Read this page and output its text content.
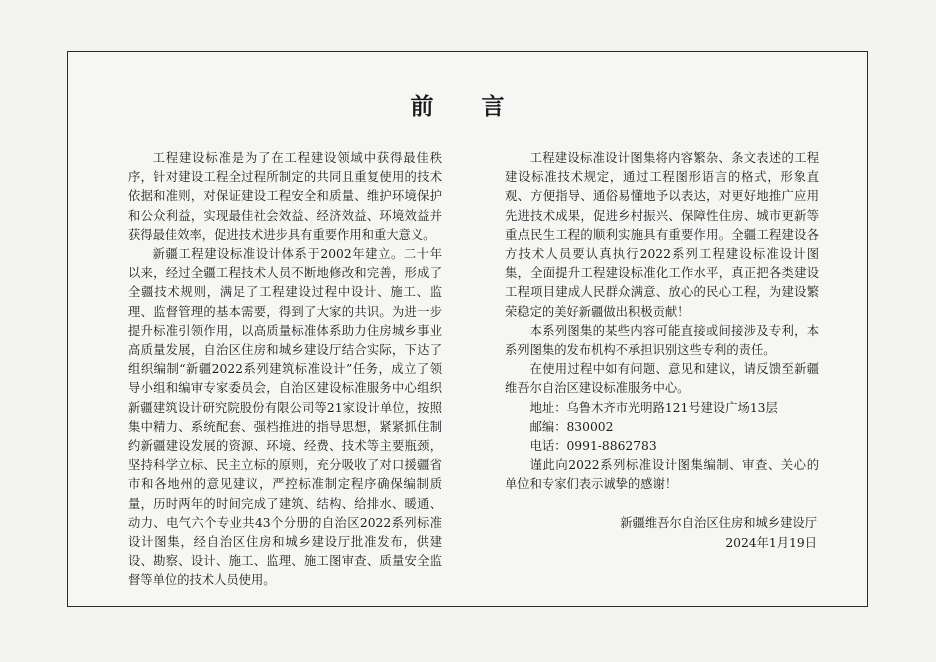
前 言

工程建设标准是为了在工程建设领域中获得最佳秩序，针对建设工程全过程所制定的共同且重复使用的技术依据和准则，对保证建设工程安全和质量、维护环境保护和公众利益，实现最佳社会效益、经济效益、环境效益并获得最佳效率，促进技术进步具有重要作用和重大意义。

新疆工程建设标准设计体系于2002年建立。二十年以来，经过全疆工程技术人员不断地修改和完善，形成了全疆技术规则，满足了工程建设过程中设计、施工、监理、监督管理的基本需要，得到了大家的共识。为进一步提升标准引领作用，以高质量标准体系助力住房城乡事业高质量发展，自治区住房和城乡建设厅结合实际，下达了组织编制“新疆2022系列建筑标准设计”任务，成立了领导小组和编审专家委员会，自治区建设标准服务中心组织新疆建筑设计研究院股份有限公司等21家设计单位，按照集中精力、系统配套、强档推进的指导思想，紧紧抓住制约新疆建设发展的资源、环境、经费、技术等主要瓶颈，坚持科学立标、民主立标的原则，充分吸收了对口援疆省市和各地州的意见建议，严控标准制定程序确保编制质量，历时两年的时间完成了建筑、结构、给排水、暖通、动力、电气六个专业共43个分册的自治区2022系列标准设计图集，经自治区住房和城乡建设厅批准发布，供建设、勘察、设计、施工、监理、施工图审查、质量安全监督等单位的技术人员使用。

工程建设标准设计图集将内容繁杂、条文表述的工程建设标准技术规定，通过工程图形语言的格式，形象直观、方便指导、通俗易懂地予以表达，对更好地推广应用先进技术成果，促进乡村振兴、保障性住房、城市更新等重点民生工程的顺利实施具有重要作用。全疆工程建设各方技术人员要认真执行2022系列工程建设标准设计图集，全面提升工程建设标准化工作水平，真正把各类建设工程项目建成人民群众满意、放心的民心工程，为建设繁荣稳定的美好新疆做出积极贡献！

本系列图集的某些内容可能直接或间接涉及专利，本系列图集的发布机构不承担识别这些专利的责任。

在使用过程中如有问题、意见和建议，请反馈至新疆维吾尔自治区建设标准服务中心。

地址：乌鲁木齐市光明路121号建设广场13层
邮编：830002
电话：0991-8862783

谨此向2022系列标准设计图集编制、审查、关心的单位和专家们表示诚挚的感谢！

新疆维吾尔自治区住房和城乡建设厅
2024年1月19日
